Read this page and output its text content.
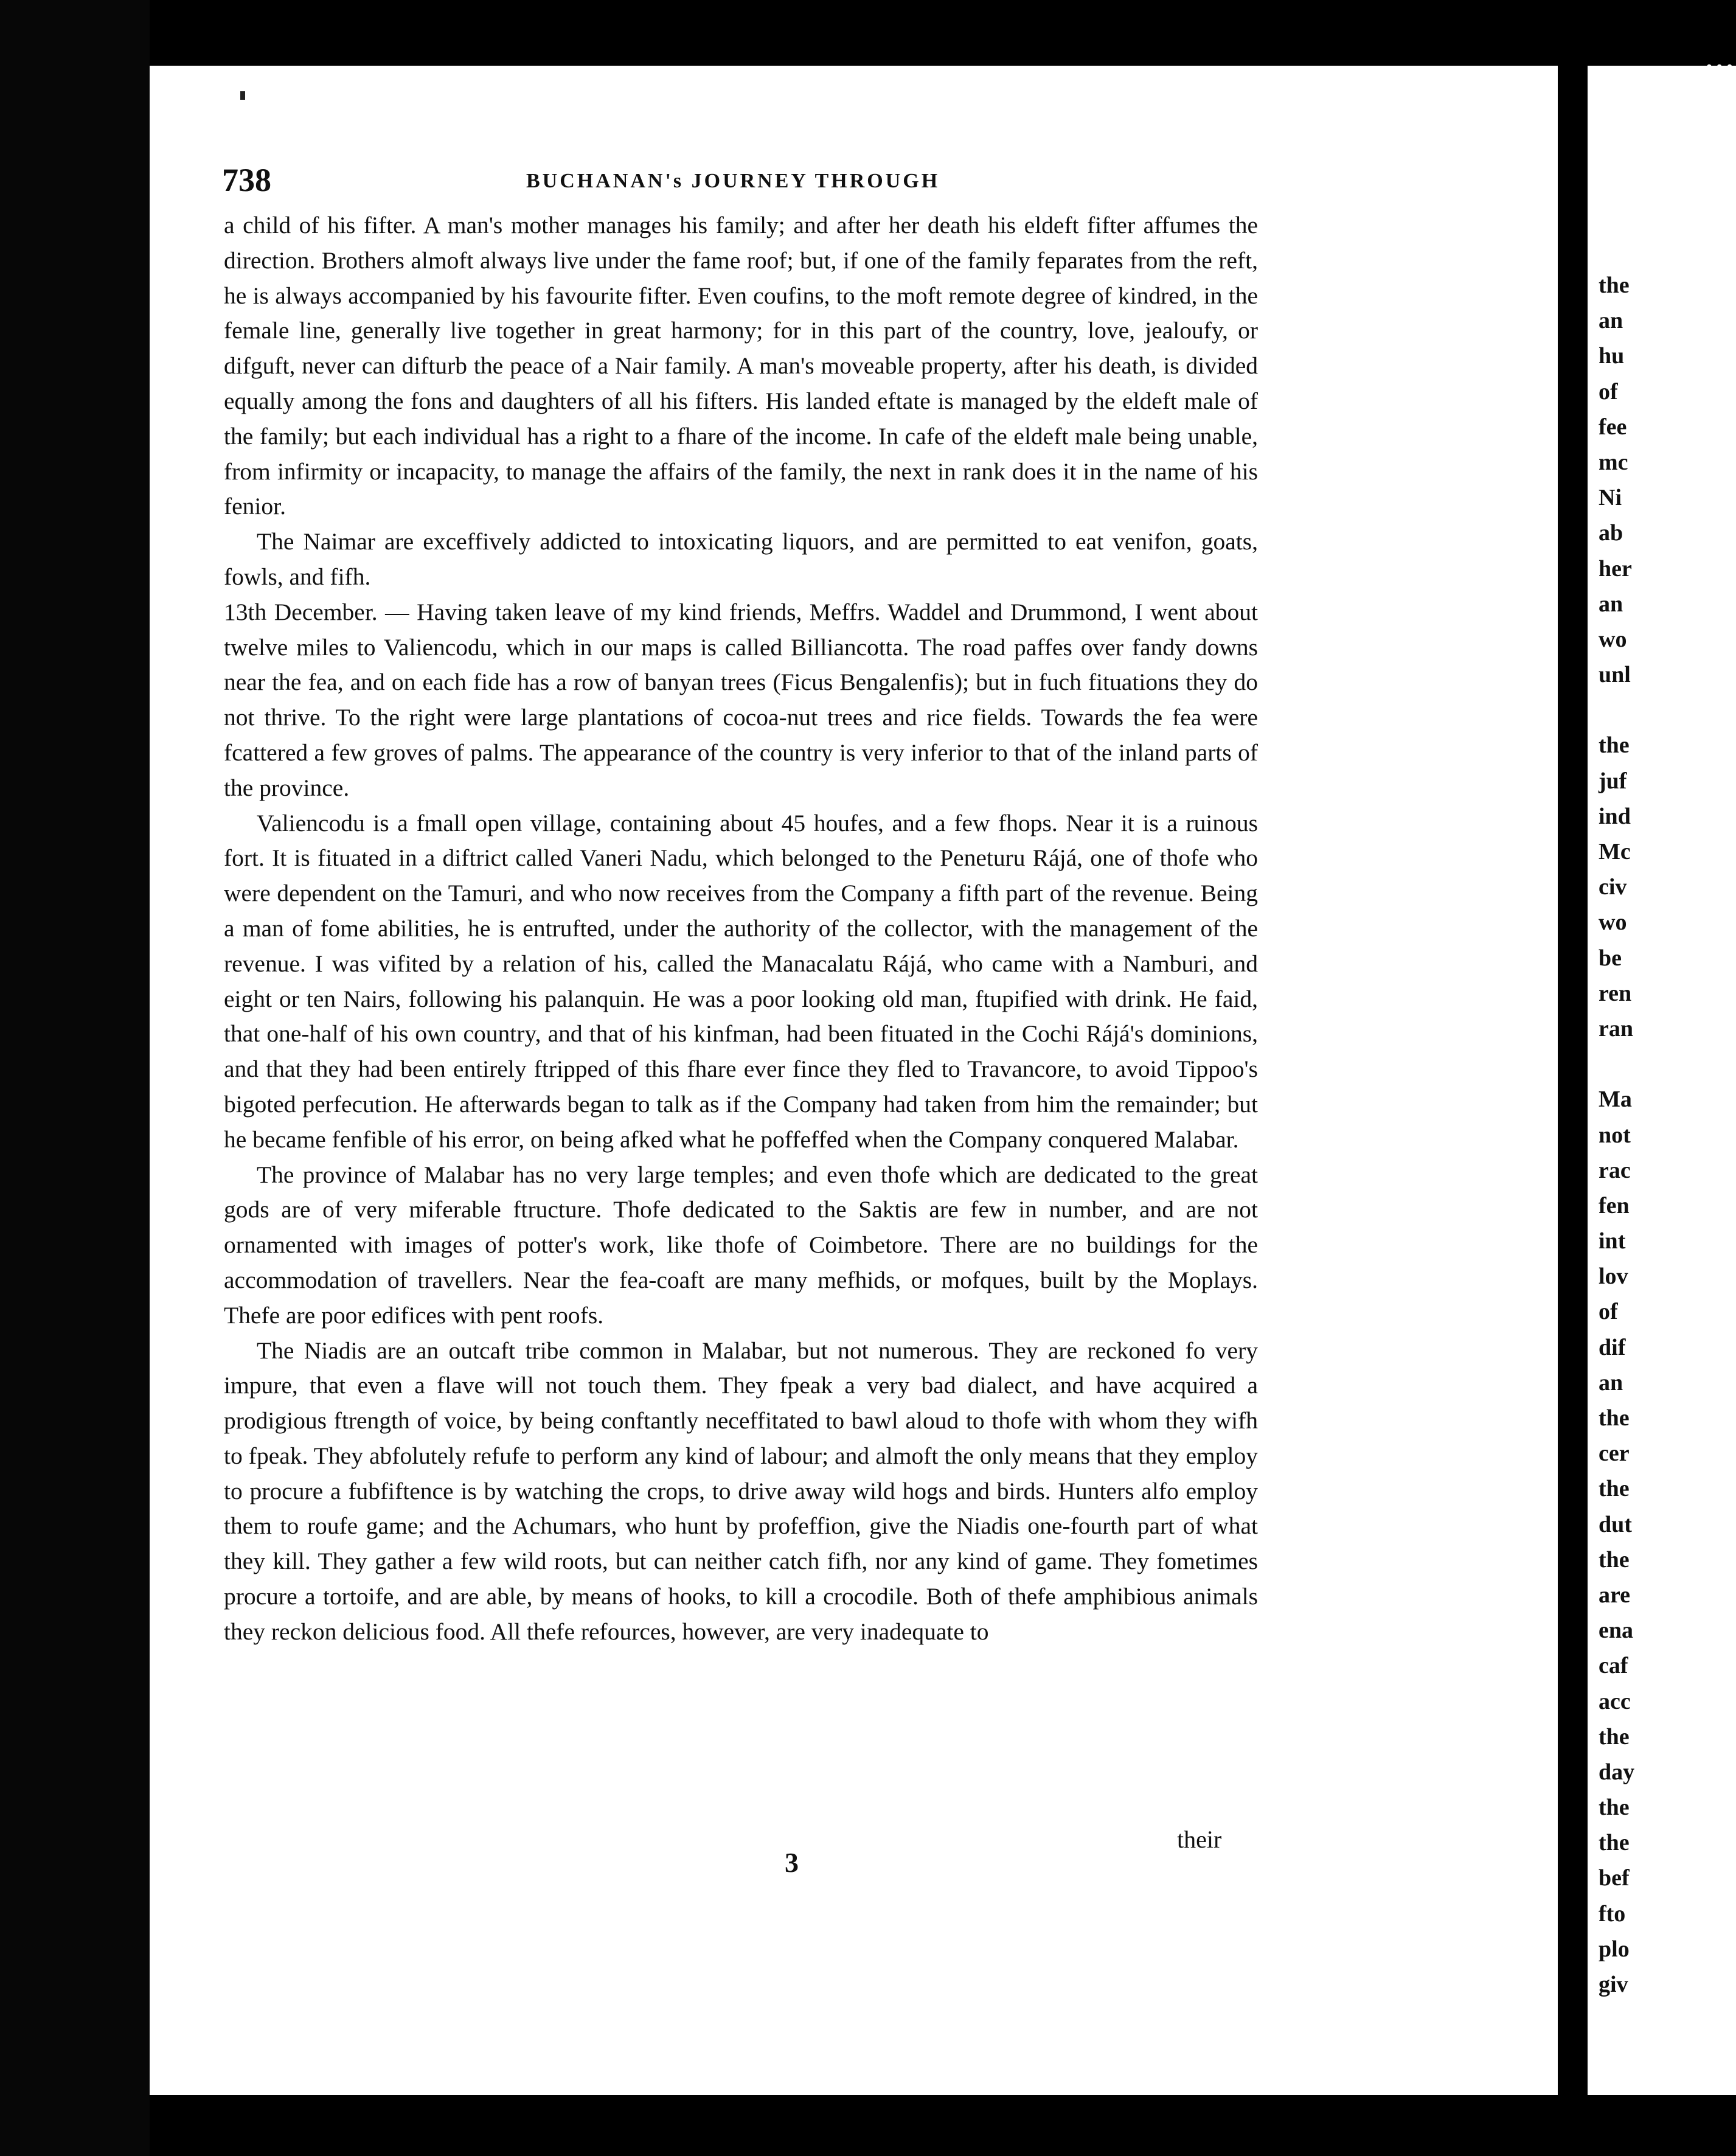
• • •
738	BUCHANAN's JOURNEY THROUGH

a child of his fifter. A man's mother manages his family; and after her death his eldeft fifter affumes the direction. Brothers almoft always live under the fame roof; but, if one of the family feparates from the reft, he is always accompanied by his favourite fifter. Even coufins, to the moft remote degree of kindred, in the female line, generally live together in great harmony; for in this part of the country, love, jealoufy, or difguft, never can difturb the peace of a Nair family. A man's moveable property, after his death, is divided equally among the fons and daughters of all his fifters. His landed eftate is managed by the eldeft male of the family; but each individual has a right to a fhare of the income. In cafe of the eldeft male being unable, from infirmity or incapacity, to manage the affairs of the family, the next in rank does it in the name of his fenior.

The Naimar are exceffively addicted to intoxicating liquors, and are permitted to eat venifon, goats, fowls, and fifh.

13th December. — Having taken leave of my kind friends, Meffrs. Waddel and Drummond, I went about twelve miles to Valiencodu, which in our maps is called Billiancotta. The road paffes over fandy downs near the fea, and on each fide has a row of banyan trees (Ficus Bengalenfis); but in fuch fituations they do not thrive. To the right were large plantations of cocoa-nut trees and rice fields. Towards the fea were fcattered a few groves of palms. The appearance of the country is very inferior to that of the inland parts of the province.

Valiencodu is a fmall open village, containing about 45 houfes, and a few fhops. Near it is a ruinous fort. It is fituated in a diftrict called Vaneri Nadu, which belonged to the Peneturu Rájá, one of thofe who were dependent on the Tamuri, and who now receives from the Company a fifth part of the revenue. Being a man of fome abilities, he is entrufted, under the authority of the collector, with the management of the revenue. I was vifited by a relation of his, called the Manacalatu Rájá, who came with a Namburi, and eight or ten Nairs, following his palanquin. He was a poor looking old man, ftupified with drink. He faid, that one-half of his own country, and that of his kinfman, had been fituated in the Cochi Rájá's dominions, and that they had been entirely ftripped of this fhare ever fince they fled to Travancore, to avoid Tippoo's bigoted perfecution. He afterwards began to talk as if the Company had taken from him the remainder; but he became fenfible of his error, on being afked what he poffeffed when the Company conquered Malabar.

The province of Malabar has no very large temples; and even thofe which are dedicated to the great gods are of very miferable ftructure. Thofe dedicated to the Saktis are few in number, and are not ornamented with images of potter's work, like thofe of Coimbetore. There are no buildings for the accommodation of travellers. Near the fea-coaft are many mefhids, or mofques, built by the Moplays. Thefe are poor edifices with pent roofs.

The Niadis are an outcaft tribe common in Malabar, but not numerous. They are reckoned fo very impure, that even a flave will not touch them. They fpeak a very bad dialect, and have acquired a prodigious ftrength of voice, by being conftantly neceffitated to bawl aloud to thofe with whom they wifh to fpeak. They abfolutely refufe to perform any kind of labour; and almoft the only means that they employ to procure a fubfiftence is by watching the crops, to drive away wild hogs and birds. Hunters alfo employ them to roufe game; and the Achumars, who hunt by profeffion, give the Niadis one-fourth part of what they kill. They gather a few wild roots, but can neither catch fifh, nor any kind of game. They fometimes procure a tortoife, and are able, by means of hooks, to kill a crocodile. Both of thefe amphibious animals they reckon delicious food. All thefe refources, however, are very inadequate to

their
3
the
an
hu
of
fee
mc
Ni
ab
her
an
wo
unl
the
juf
ind
Mc
civ
wo
be
ren
ran
Ma
not
rac
fen
int
lov
of
dif
an
the
cer
the
dut
the
are
ena
caf
acc
the
day
the
the
bef
fto
plo
giv
